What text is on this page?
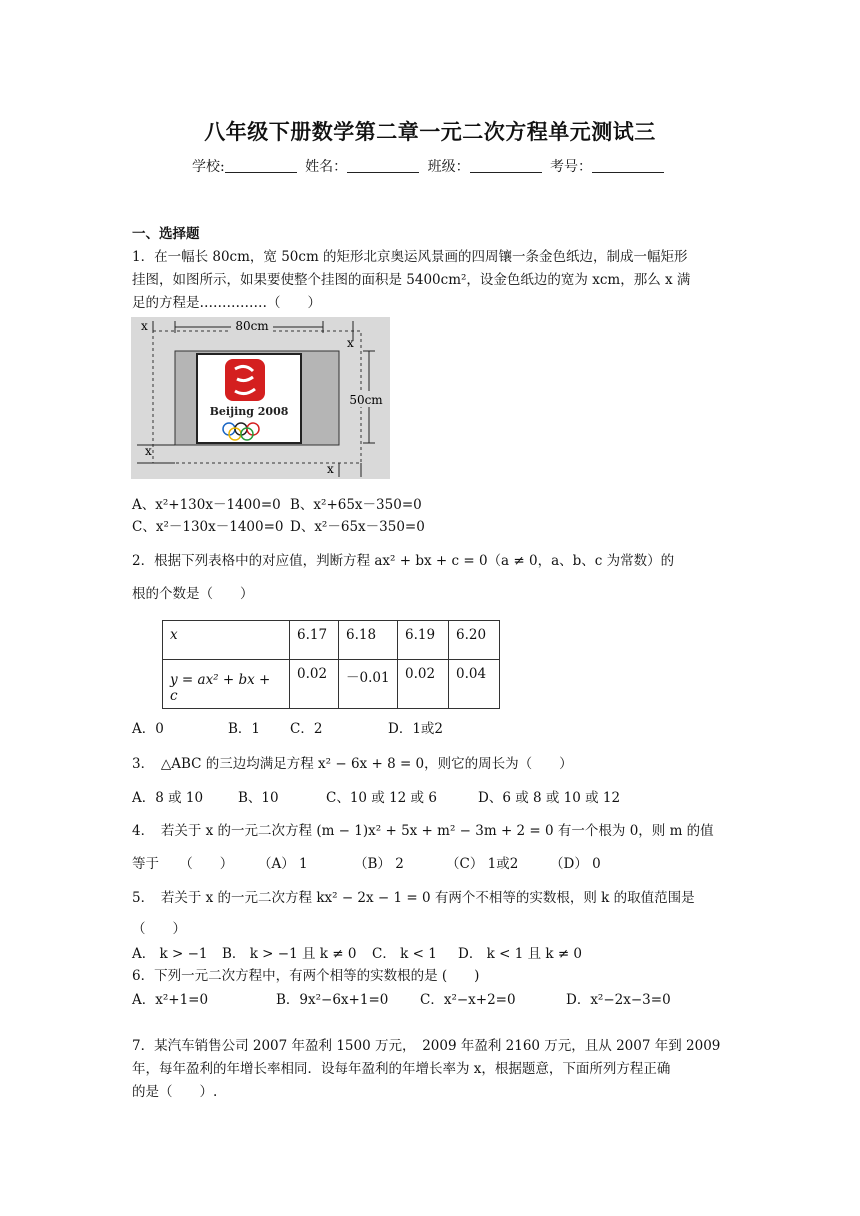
八年级下册数学第二章一元二次方程单元测试三
学校:	姓名：	班级：	考号：
一、选择题
1．在一幅长 80cm，宽 50cm 的矩形北京奥运风景画的四周镶一条金色纸边，制成一幅矩形
挂图，如图所示，如果要使整个挂图的面积是 5400cm²，设金色纸边的宽为 xcm，那么 x 满
足的方程是……………（　　）
Beijing 2008
80cm
x
50cm
x
x
x
A、x²+130x－1400=0 B、x²+65x－350=0
C、x²－130x－1400=0 D、x²－65x－350=0
2．根据下列表格中的对应值，判断方程 ax² + bx + c = 0（a ≠ 0，a、b、c 为常数）的
根的个数是（　　）
x	6.17	6.18	6.19	6.20
y = ax² + bx + c	0.02	－0.01	0.02	0.04
A．0	B．1 C．2	D．1或2
3．　△ABC 的三边均满足方程 x² − 6x + 8 = 0，则它的周长为（　　）
A．8 或 10	B、10	C、10 或 12 或 6	D、6 或 8 或 10 或 12
4．　若关于 x 的一元二次方程 (m − 1)x² + 5x + m² − 3m + 2 = 0 有一个根为 0，则 m 的值
等于　　（　　） （A） 1	（B） 2	（C） 1或2 （D） 0
5．　若关于 x 的一元二次方程 kx² − 2x − 1 = 0 有两个不相等的实数根，则 k 的取值范围是
（　　）
A． k > −1 B． k > −1 且 k ≠ 0 C． k < 1 D． k < 1 且 k ≠ 0
6．下列一元二次方程中，有两个相等的实数根的是 (　　)
A．x²+1=0	B．9x²−6x+1=0 C．x²−x+2=0	D．x²−2x−3=0
7．某汽车销售公司 2007 年盈利 1500 万元，　2009 年盈利 2160 万元，且从 2007 年到 2009
年，每年盈利的年增长率相同．设每年盈利的年增长率为 x，根据题意，下面所列方程正确
的是（　　）.
